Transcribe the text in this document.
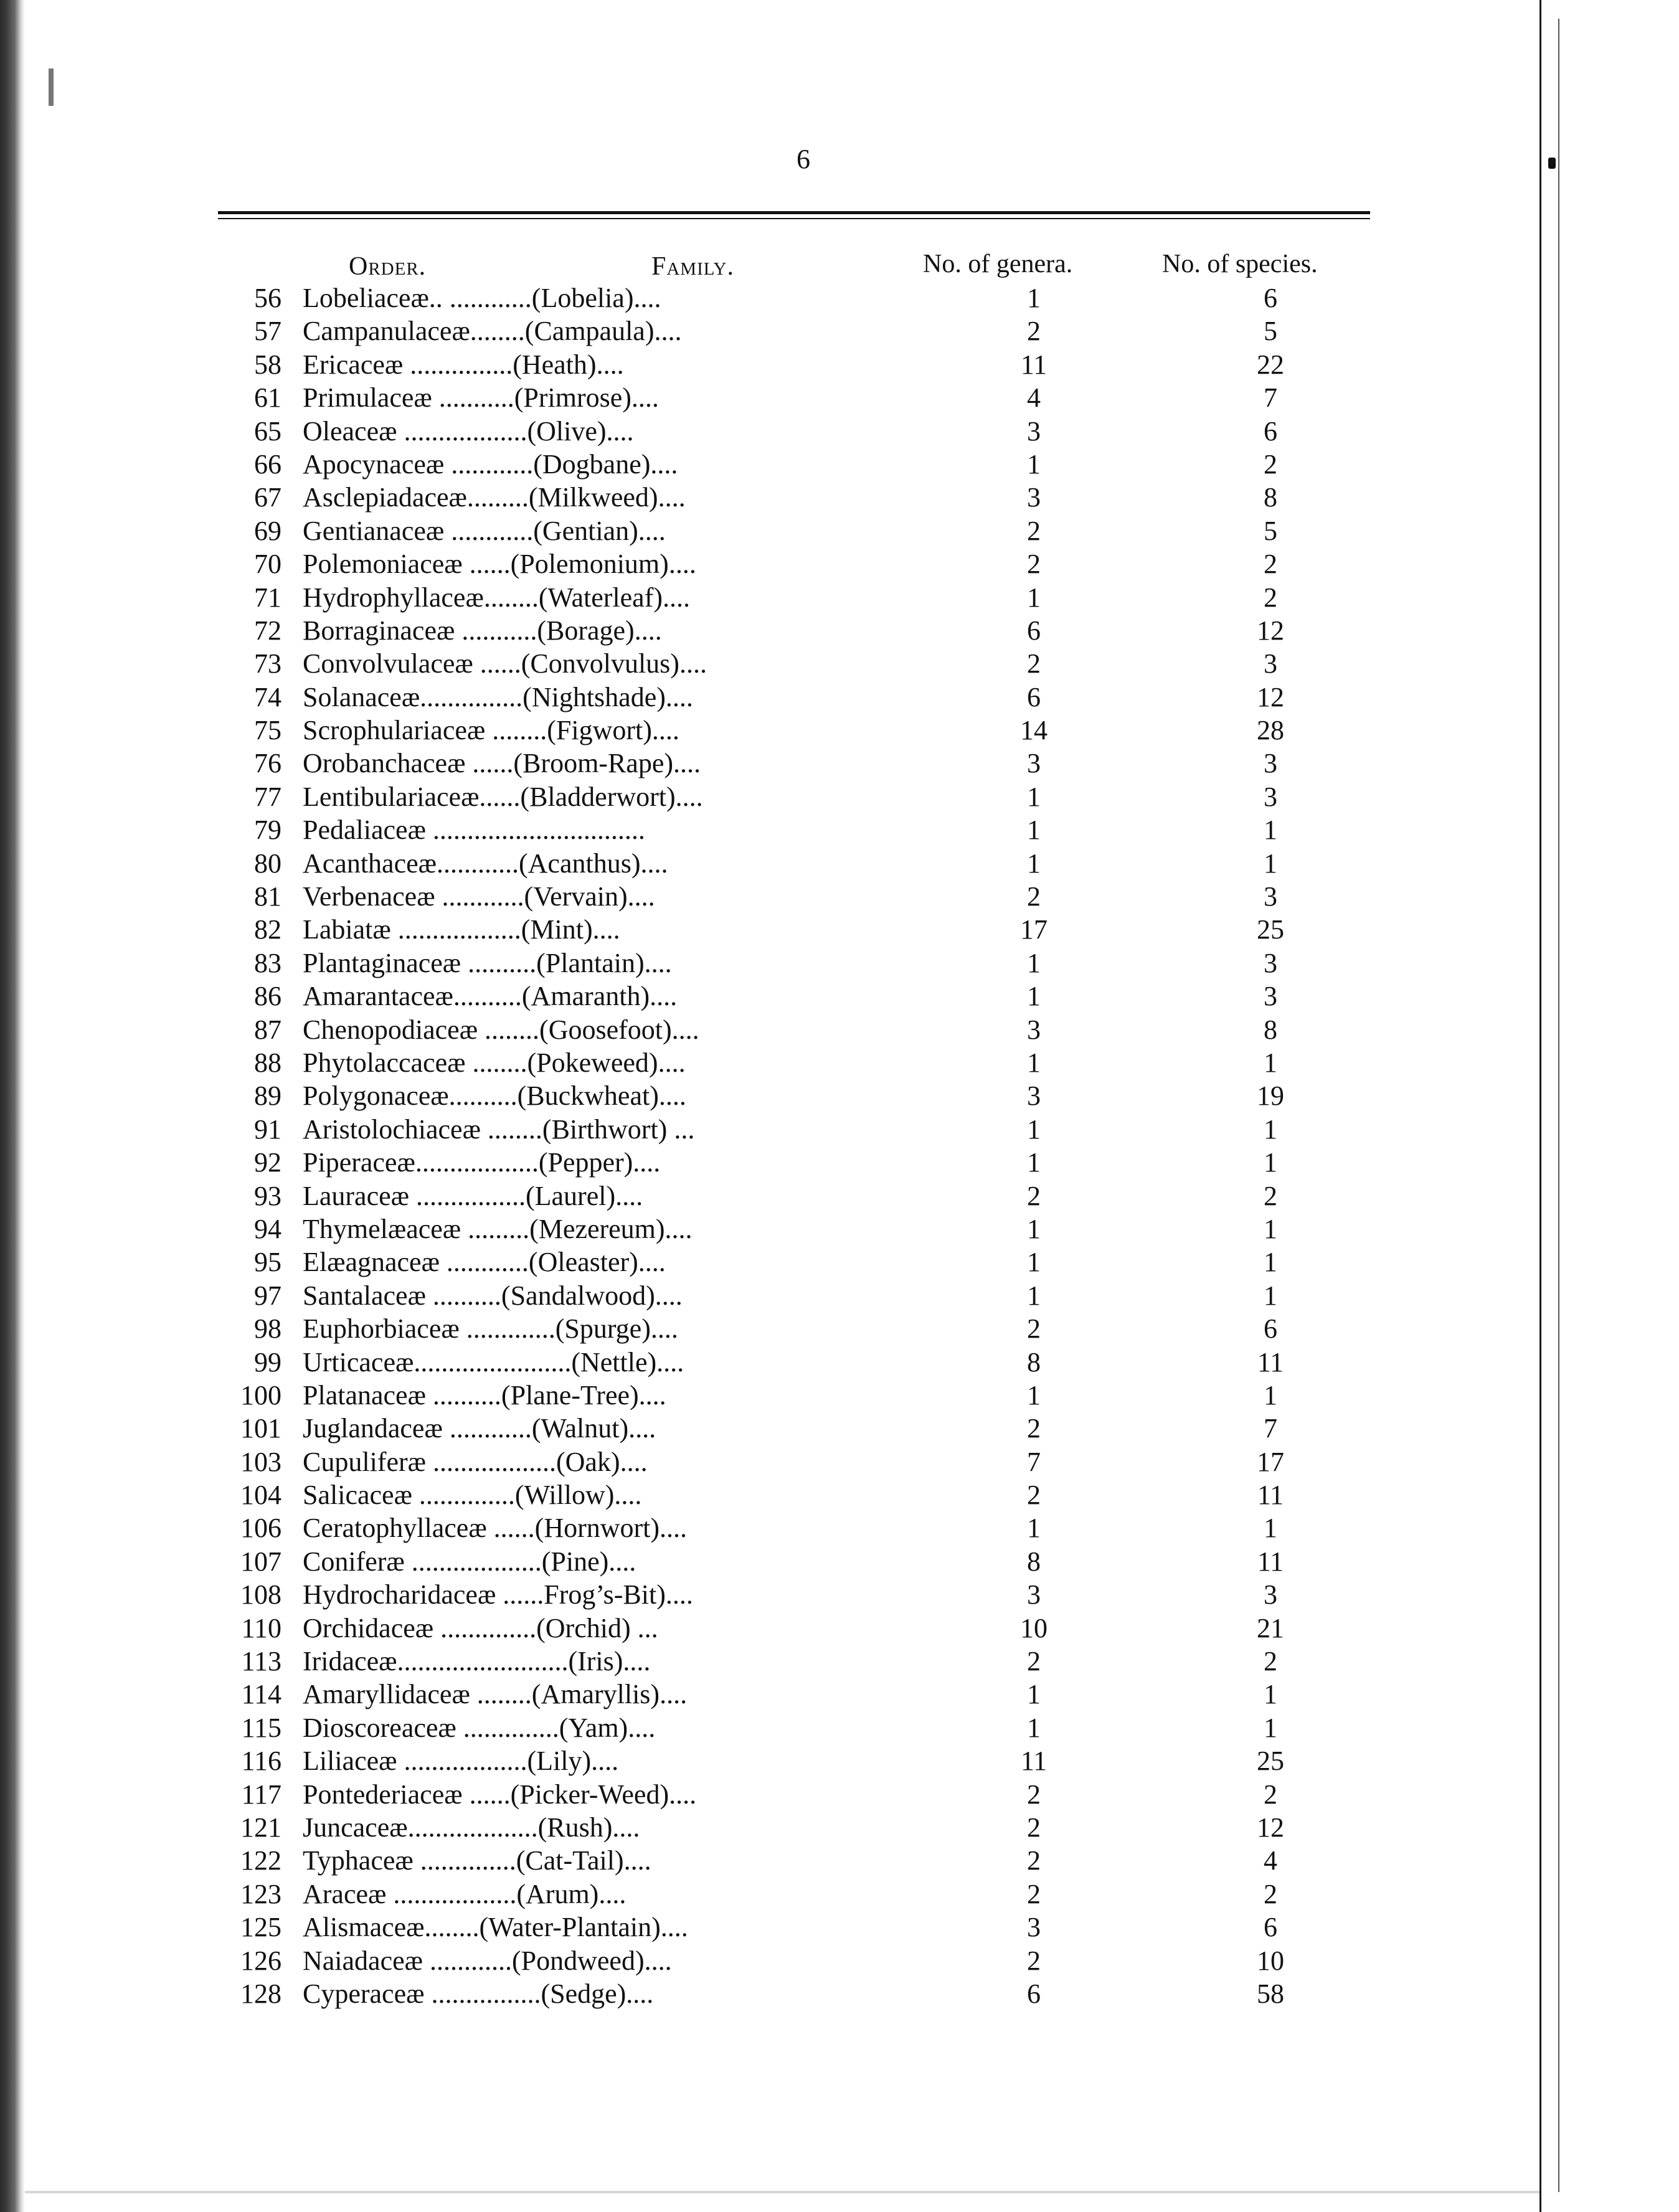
6
Order.	Family.	No. of genera.	No. of species.
56 Lobeliaceæ.. ............(Lobelia)....	1	6
57 Campanulaceæ........(Campaula)....	2	5
58 Ericaceæ ...............(Heath)....	11	22
61 Primulaceæ ...........(Primrose)....	4	7
65 Oleaceæ ..................(Olive)....	3	6
66 Apocynaceæ ............(Dogbane)....	1	2
67 Asclepiadaceæ.........(Milkweed)....	3	8
69 Gentianaceæ ............(Gentian)....	2	5
70 Polemoniaceæ ......(Polemonium)....	2	2
71 Hydrophyllaceæ........(Waterleaf)....	1	2
72 Borraginaceæ ...........(Borage)....	6	12
73 Convolvulaceæ ......(Convolvulus)....	2	3
74 Solanaceæ...............(Nightshade)....	6	12
75 Scrophulariaceæ ........(Figwort)....	14	28
76 Orobanchaceæ ......(Broom-Rape)....	3	3
77 Lentibulariaceæ......(Bladderwort)....	1	3
79 Pedaliaceæ ...............................	1	1
80 Acanthaceæ............(Acanthus)....	1	1
81 Verbenaceæ ............(Vervain)....	2	3
82 Labiatæ ..................(Mint)....	17	25
83 Plantaginaceæ ..........(Plantain)....	1	3
86 Amarantaceæ..........(Amaranth)....	1	3
87 Chenopodiaceæ ........(Goosefoot)....	3	8
88 Phytolaccaceæ ........(Pokeweed)....	1	1
89 Polygonaceæ..........(Buckwheat)....	3	19
91 Aristolochiaceæ ........(Birthwort) ...	1	1
92 Piperaceæ..................(Pepper)....	1	1
93 Lauraceæ ................(Laurel)....	2	2
94 Thymelæaceæ .........(Mezereum)....	1	1
95 Elæagnaceæ ............(Oleaster)....	1	1
97 Santalaceæ ..........(Sandalwood)....	1	1
98 Euphorbiaceæ .............(Spurge)....	2	6
99 Urticaceæ.......................(Nettle)....	8	11
100 Platanaceæ ..........(Plane-Tree)....	1	1
101 Juglandaceæ ............(Walnut)....	2	7
103 Cupuliferæ ..................(Oak)....	7	17
104 Salicaceæ ..............(Willow)....	2	11
106 Ceratophyllaceæ ......(Hornwort)....	1	1
107 Coniferæ ...................(Pine)....	8	11
108 Hydrocharidaceæ ......Frog’s-Bit)....	3	3
110 Orchidaceæ ..............(Orchid) ...	10	21
113 Iridaceæ.........................(Iris)....	2	2
114 Amaryllidaceæ ........(Amaryllis)....	1	1
115 Dioscoreaceæ ..............(Yam)....	1	1
116 Liliaceæ ..................(Lily)....	11	25
117 Pontederiaceæ ......(Picker-Weed)....	2	2
121 Juncaceæ...................(Rush)....	2	12
122 Typhaceæ ..............(Cat-Tail)....	2	4
123 Araceæ ..................(Arum)....	2	2
125 Alismaceæ........(Water-Plantain)....	3	6
126 Naiadaceæ ............(Pondweed)....	2	10
128 Cyperaceæ ................(Sedge)....	6	58
